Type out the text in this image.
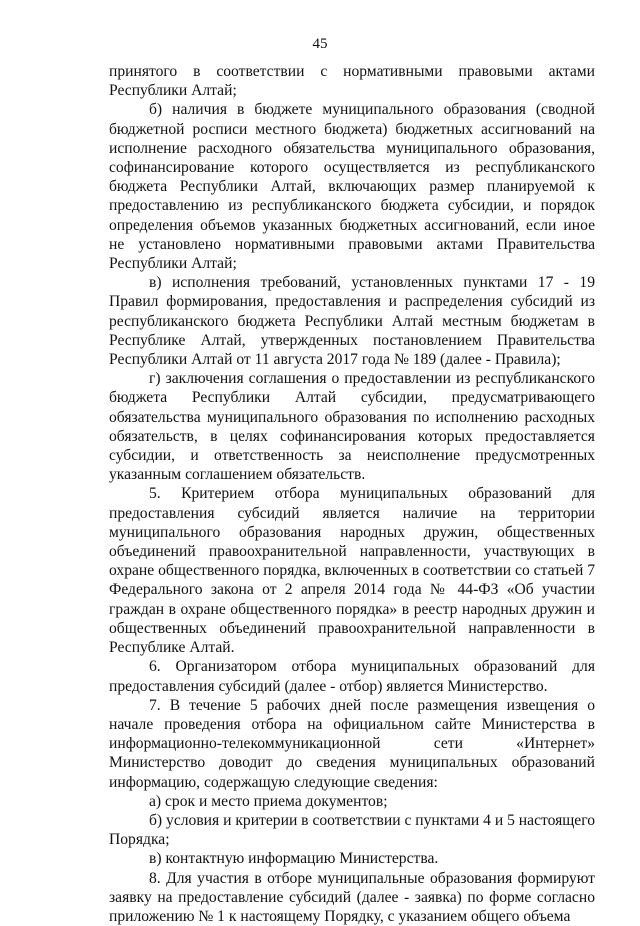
45

принятого в соответствии с нормативными правовыми актами Республики Алтай;

б) наличия в бюджете муниципального образования (сводной бюджетной росписи местного бюджета) бюджетных ассигнований на исполнение расходного обязательства муниципального образования, софинансирование которого осуществляется из республиканского бюджета Республики Алтай, включающих размер планируемой к предоставлению из республиканского бюджета субсидии, и порядок определения объемов указанных бюджетных ассигнований, если иное не установлено нормативными правовыми актами Правительства Республики Алтай;

в) исполнения требований, установленных пунктами 17 - 19 Правил формирования, предоставления и распределения субсидий из республиканского бюджета Республики Алтай местным бюджетам в Республике Алтай, утвержденных постановлением Правительства Республики Алтай от 11 августа 2017 года № 189 (далее - Правила);

г) заключения соглашения о предоставлении из республиканского бюджета Республики Алтай субсидии, предусматривающего обязательства муниципального образования по исполнению расходных обязательств, в целях софинансирования которых предоставляется субсидии, и ответственность за неисполнение предусмотренных указанным соглашением обязательств.

5. Критерием отбора муниципальных образований для предоставления субсидий является наличие на территории муниципального образования народных дружин, общественных объединений правоохранительной направленности, участвующих в охране общественного порядка, включенных в соответствии со статьей 7 Федерального закона от 2 апреля 2014 года № 44-ФЗ «Об участии граждан в охране общественного порядка» в реестр народных дружин и общественных объединений правоохранительной направленности в Республике Алтай.

6. Организатором отбора муниципальных образований для предоставления субсидий (далее - отбор) является Министерство.

7. В течение 5 рабочих дней после размещения извещения о начале проведения отбора на официальном сайте Министерства в информационно-телекоммуникационной сети «Интернет» Министерство доводит до сведения муниципальных образований информацию, содержащую следующие сведения:

а) срок и место приема документов;

б) условия и критерии в соответствии с пунктами 4 и 5 настоящего Порядка;

в) контактную информацию Министерства.

8. Для участия в отборе муниципальные образования формируют заявку на предоставление субсидий (далее - заявка) по форме согласно приложению № 1 к настоящему Порядку, с указанием общего объема
